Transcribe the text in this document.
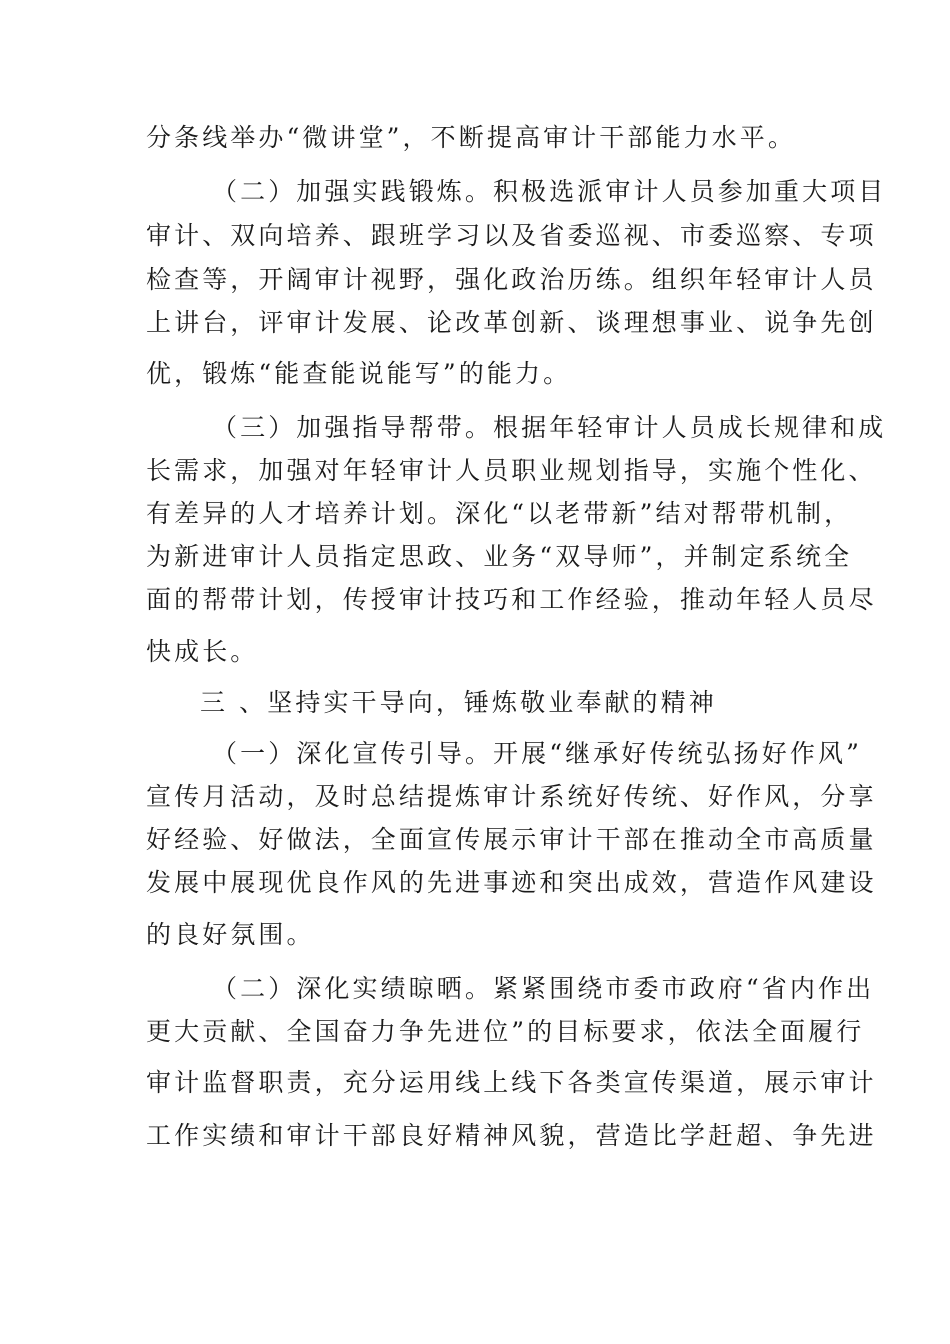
分条线举办“微讲堂”，不断提高审计干部能力水平。
（二）加强实践锻炼。积极选派审计人员参加重大项目
审计、双向培养、跟班学习以及省委巡视、市委巡察、专项
检查等，开阔审计视野，强化政治历练。组织年轻审计人员
上讲台，评审计发展、论改革创新、谈理想事业、说争先创
优，锻炼“能查能说能写”的能力。
（三）加强指导帮带。根据年轻审计人员成长规律和成
长需求，加强对年轻审计人员职业规划指导，实施个性化、
有差异的人才培养计划。深化“以老带新”结对帮带机制，
为新进审计人员指定思政、业务“双导师”，并制定系统全
面的帮带计划，传授审计技巧和工作经验，推动年轻人员尽
快成长。
三 、坚持实干导向，锤炼敬业奉献的精神
（一）深化宣传引导。开展“继承好传统弘扬好作风”
宣传月活动，及时总结提炼审计系统好传统、好作风，分享
好经验、好做法，全面宣传展示审计干部在推动全市高质量
发展中展现优良作风的先进事迹和突出成效，营造作风建设
的良好氛围。
（二）深化实绩晾晒。紧紧围绕市委市政府“省内作出
更大贡献、全国奋力争先进位”的目标要求，依法全面履行
审计监督职责，充分运用线上线下各类宣传渠道，展示审计
工作实绩和审计干部良好精神风貌，营造比学赶超、争先进
